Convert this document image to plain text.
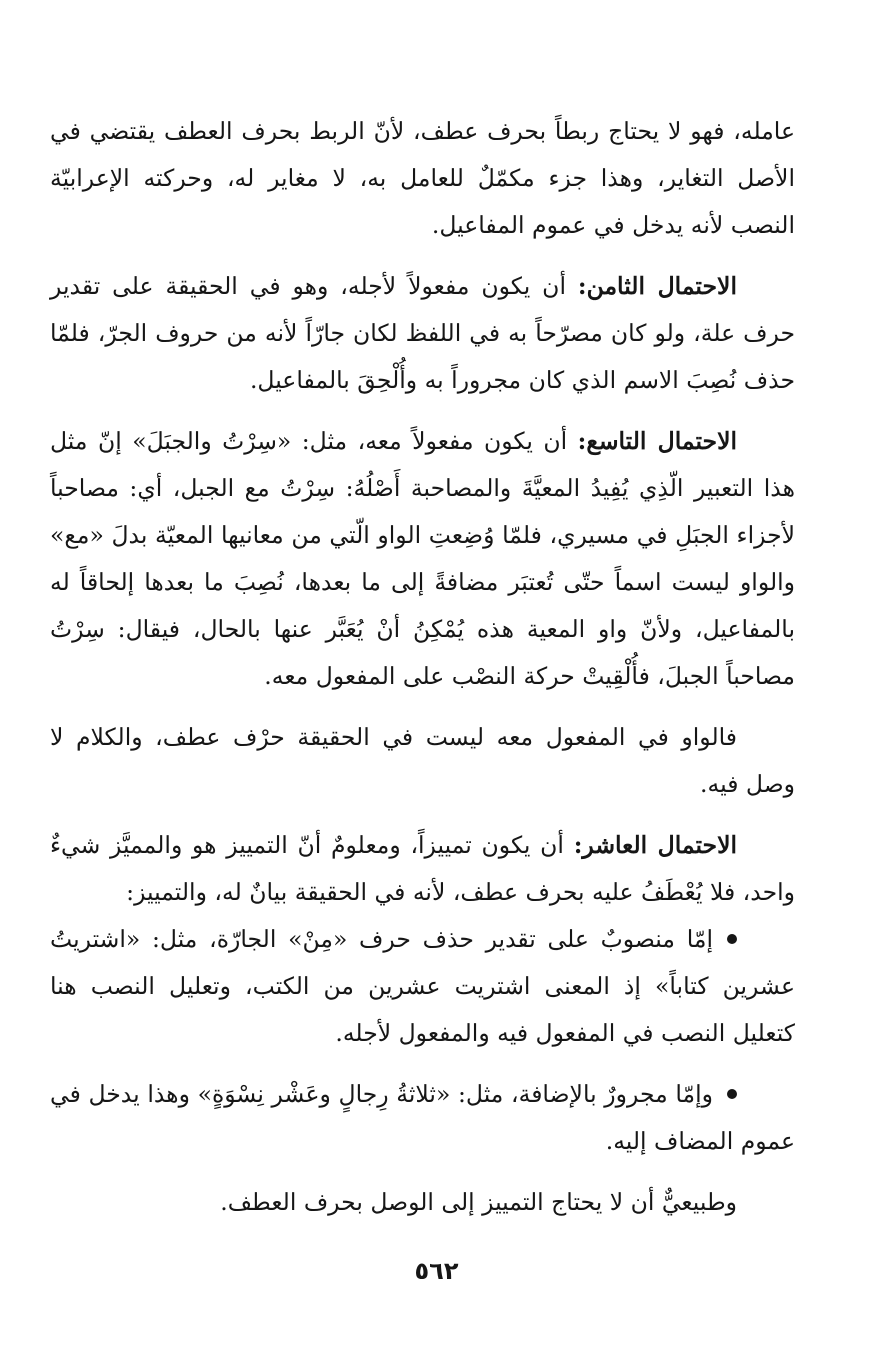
عامله، فهو لا يحتاج ربطاً بحرف عطف، لأنّ الربط بحرف العطف يقتضي في الأصل التغاير، وهذا جزء مكمّلٌ للعامل به، لا مغاير له، وحركته الإعرابيّة النصب لأنه يدخل في عموم المفاعيل.

الاحتمال الثامن: أن يكون مفعولاً لأجله، وهو في الحقيقة على تقدير حرف علة، ولو كان مصرّحاً به في اللفظ لكان جارّاً لأنه من حروف الجرّ، فلمّا حذف نُصِبَ الاسم الذي كان مجروراً به وأُلْحِقَ بالمفاعيل.

الاحتمال التاسع: أن يكون مفعولاً معه، مثل: «سِرْتُ والجبَلَ» إنّ مثل هذا التعبير الّذِي يُفِيدُ المعيَّةَ والمصاحبة أَصْلُهُ: سِرْتُ مع الجبل، أي: مصاحباً لأجزاء الجبَلِ في مسيري، فلمّا وُضِعتِ الواو الّتي من معانيها المعيّة بدلَ «مع» والواو ليست اسماً حتّى تُعتبَر مضافةً إلى ما بعدها، نُصِبَ ما بعدها إلحاقاً له بالمفاعيل، ولأنّ واو المعية هذه يُمْكِنُ أنْ يُعَبَّر عنها بالحال، فيقال: سِرْتُ مصاحباً الجبلَ، فأُلْقِيتْ حركة النصْب على المفعول معه.

فالواو في المفعول معه ليست في الحقيقة حرْف عطف، والكلام لا وصل فيه.

الاحتمال العاشر: أن يكون تمييزاً، ومعلومٌ أنّ التمييز هو والمميَّز شيءٌ واحد، فلا يُعْطَفُ عليه بحرف عطف، لأنه في الحقيقة بيانٌ له، والتمييز:

إمّا منصوبٌ على تقدير حذف حرف «مِنْ» الجارّة، مثل: «اشتريتُ عشرين كتاباً» إذ المعنى اشتريت عشرين من الكتب، وتعليل النصب هنا كتعليل النصب في المفعول فيه والمفعول لأجله.

وإمّا مجرورٌ بالإضافة، مثل: «ثلاثةُ رِجالٍ وعَشْر نِسْوَةٍ» وهذا يدخل في عموم المضاف إليه.

وطبيعيٌّ أن لا يحتاج التمييز إلى الوصل بحرف العطف.

٥٦٢
